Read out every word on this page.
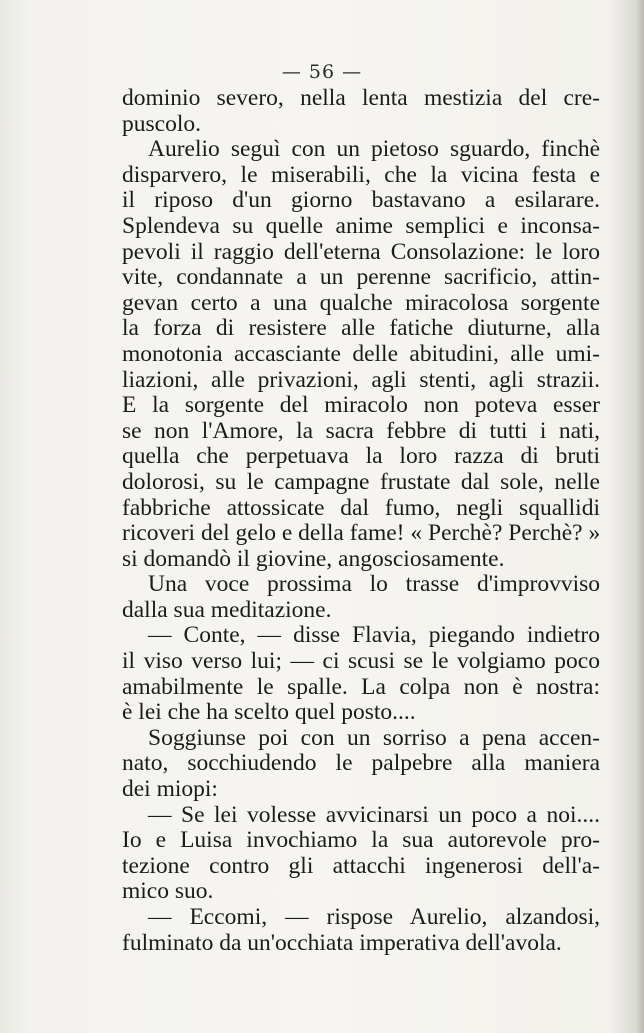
— 56 —
dominio severo, nella lenta mestizia del cre-
puscolo.
Aurelio seguì con un pietoso sguardo, finchè
disparvero, le miserabili, che la vicina festa e
il riposo d'un giorno bastavano a esilarare.
Splendeva su quelle anime semplici e inconsa-
pevoli il raggio dell'eterna Consolazione: le loro
vite, condannate a un perenne sacrificio, attin-
gevan certo a una qualche miracolosa sorgente
la forza di resistere alle fatiche diuturne, alla
monotonia accasciante delle abitudini, alle umi-
liazioni, alle privazioni, agli stenti, agli strazii.
E la sorgente del miracolo non poteva esser
se non l'Amore, la sacra febbre di tutti i nati,
quella che perpetuava la loro razza di bruti
dolorosi, su le campagne frustate dal sole, nelle
fabbriche attossicate dal fumo, negli squallidi
ricoveri del gelo e della fame! « Perchè? Perchè? »
si domandò il giovine, angosciosamente.
Una voce prossima lo trasse d'improvviso
dalla sua meditazione.
— Conte, — disse Flavia, piegando indietro
il viso verso lui; — ci scusi se le volgiamo poco
amabilmente le spalle. La colpa non è nostra:
è lei che ha scelto quel posto....
Soggiunse poi con un sorriso a pena accen-
nato, socchiudendo le palpebre alla maniera
dei miopi:
— Se lei volesse avvicinarsi un poco a noi....
Io e Luisa invochiamo la sua autorevole pro-
tezione contro gli attacchi ingenerosi dell'a-
mico suo.
— Eccomi, — rispose Aurelio, alzandosi,
fulminato da un'occhiata imperativa dell'avola.
